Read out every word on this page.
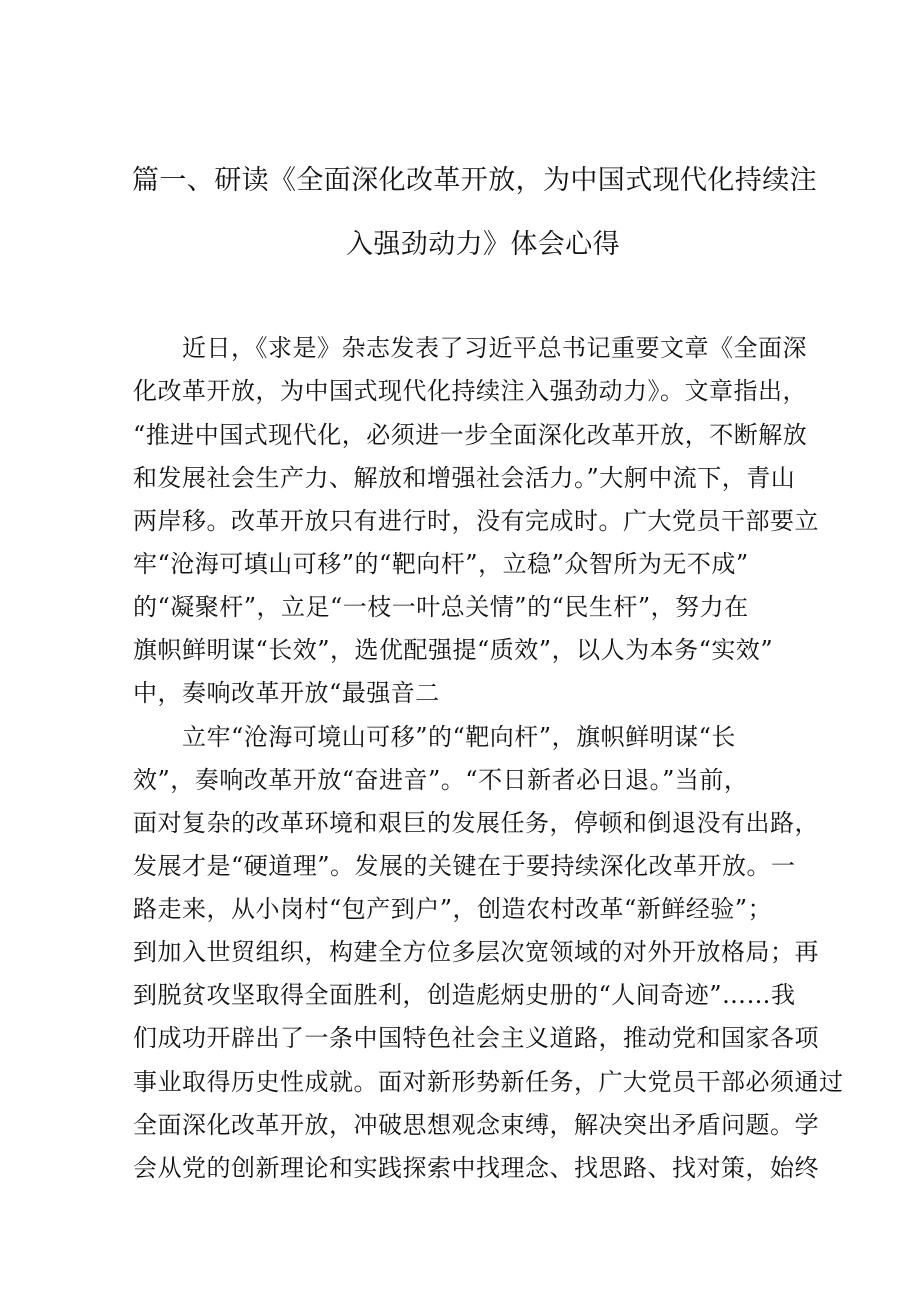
篇一、研读《全面深化改革开放，为中国式现代化持续注
入强劲动力》体会心得
近日，《求是》杂志发表了习近平总书记重要文章《全面深
化改革开放，为中国式现代化持续注入强劲动力》。文章指出，
“推进中国式现代化，必须进一步全面深化改革开放，不断解放
和发展社会生产力、解放和增强社会活力。”大舸中流下，青山
两岸移。改革开放只有进行时，没有完成时。广大党员干部要立
牢“沧海可填山可移”的“靶向杆”，立稳”众智所为无不成”
的“凝聚杆”，立足“一枝一叶总关情”的“民生杆”，努力在
旗帜鲜明谋“长效”，选优配强提“质效”，以人为本务“实效”
中，奏响改革开放“最强音二
立牢“沧海可境山可移”的“靶向杆”，旗帜鲜明谋“长
效”，奏响改革开放“奋进音”。“不日新者必日退。”当前，
面对复杂的改革环境和艰巨的发展任务，停顿和倒退没有出路，
发展才是“硬道理”。发展的关键在于要持续深化改革开放。一
路走来，从小岗村“包产到户”，创造农村改革“新鲜经验”；
到加入世贸组织，构建全方位多层次宽领域的对外开放格局；再
到脱贫攻坚取得全面胜利，创造彪炳史册的“人间奇迹”……我
们成功开辟出了一条中国特色社会主义道路，推动党和国家各项
事业取得历史性成就。面对新形势新任务，广大党员干部必须通过
全面深化改革开放，冲破思想观念束缚，解决突出矛盾问题。学
会从党的创新理论和实践探索中找理念、找思路、找对策，始终
